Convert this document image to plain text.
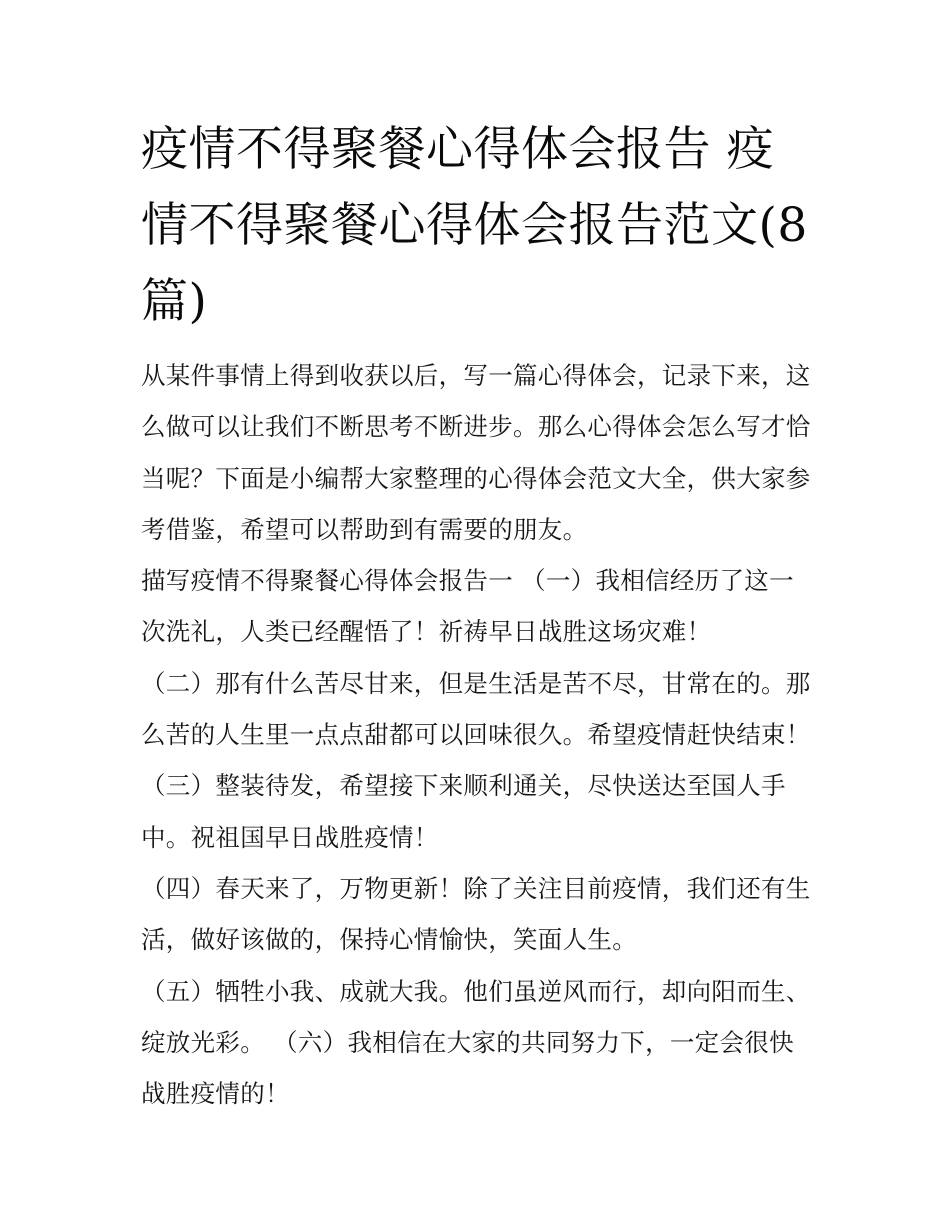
疫情不得聚餐心得体会报告 疫情不得聚餐心得体会报告范文(8篇)

从某件事情上得到收获以后，写一篇心得体会，记录下来，这么做可以让我们不断思考不断进步。那么心得体会怎么写才恰当呢？下面是小编帮大家整理的心得体会范文大全，供大家参考借鉴，希望可以帮助到有需要的朋友。

描写疫情不得聚餐心得体会报告一 （一）我相信经历了这一次洗礼，人类已经醒悟了！祈祷早日战胜这场灾难！

（二）那有什么苦尽甘来，但是生活是苦不尽，甘常在的。那么苦的人生里一点点甜都可以回味很久。希望疫情赶快结束！

（三）整装待发，希望接下来顺利通关，尽快送达至国人手中。祝祖国早日战胜疫情！

（四）春天来了，万物更新！除了关注目前疫情，我们还有生活，做好该做的，保持心情愉快，笑面人生。

（五）牺牲小我、成就大我。他们虽逆风而行，却向阳而生、绽放光彩。 （六）我相信在大家的共同努力下，一定会很快战胜疫情的！
